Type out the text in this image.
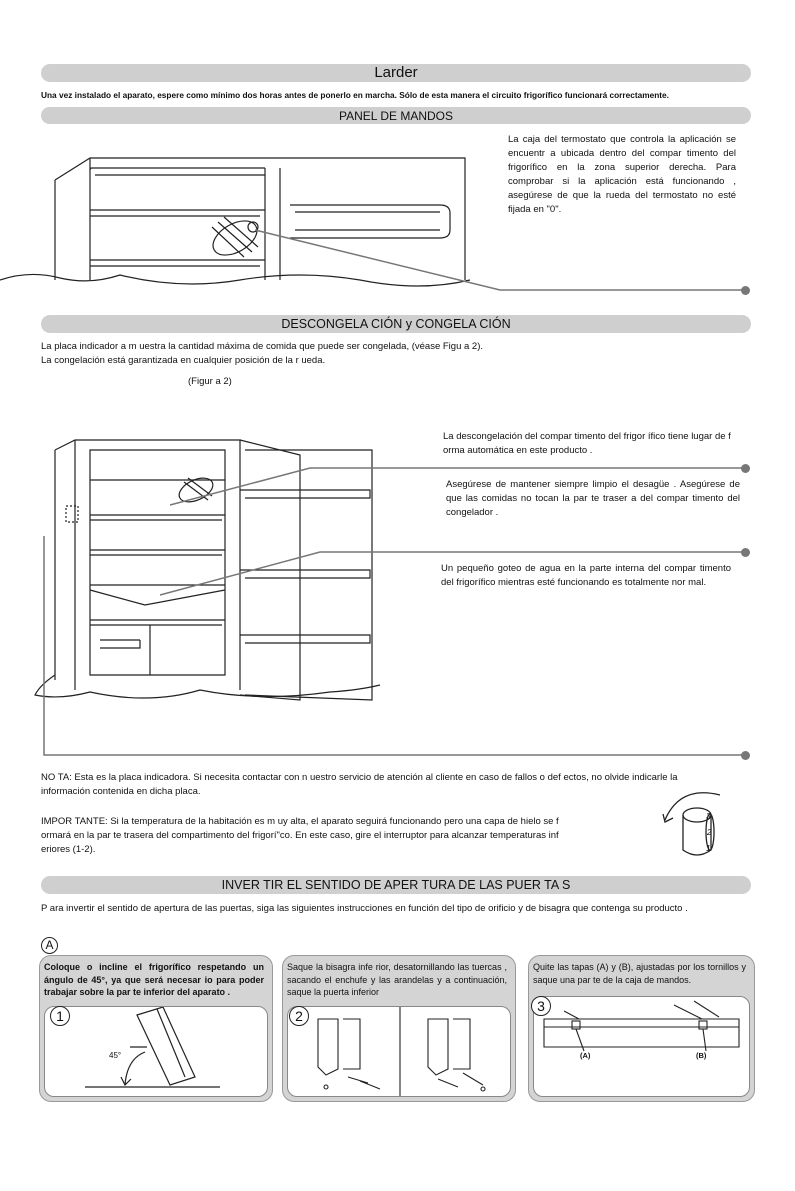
Larder
Una vez instalado el aparato, espere como mínimo dos horas antes de ponerlo en marcha. Sólo de esta manera el circuito frigorífico funcionará correctamente.
PANEL DE MANDOS
La caja del termostato que controla la aplicación se encuentr a ubicada dentro del compar timento del frigorífico en la zona superior derecha. Para comprobar si la aplicación está funcionando , asegúrese de que la rueda del termostato no esté fijada en "0".
DESCONGELA CIÓN y CONGELA CIÓN
La placa indicador a m uestra la cantidad máxima de comida que puede ser congelada, (véase Figu a 2).
La congelación está garantizada en cualquier posición de la r ueda.
(Figur a 2)
La descongelación del compar timento del frigor ífico tiene lugar de f orma automática en este producto .
Asegúrese de mantener siempre limpio el desagüe . Asegúrese de que las comidas no tocan la par te traser a del compar timento del congelador .
Un pequeño goteo de agua en la parte interna del compar timento del frigorífico mientras esté funcionando es totalmente nor mal.
NO TA: Esta es la placa indicadora. Si necesita contactar con n uestro servicio de atención al cliente en caso de fallos o def ectos, no olvide indicarle la información contenida en dicha placa.
IMPOR TANTE: Si la temperatura de la habitación es m uy alta, el aparato seguirá funcionando pero una capa de hielo se f ormará en la par te trasera del compartimento del frigorí"co. En este caso, gire el interruptor para alcanzar temperaturas inf eriores (1-2).
3
2
1
INVER TIR EL SENTIDO DE APER TURA DE LAS PUER TA S
P ara invertir el sentido de apertura de las puertas, siga las siguientes instrucciones en función del tipo de orificio y de bisagra que contenga su producto .
A
Coloque o incline el frigorífico respetando un ángulo de 45°, ya que será necesar io para poder trabajar sobre la par te inferior del aparato .
45°
1
Saque la bisagra infe rior, desatornillando las tuercas , sacando el enchufe y las arandelas y a continuación, saque la puerta inferior
2
Quite las tapas (A) y (B), ajustadas por los tornillos y saque una par te de la caja de mandos.
(A)	(B)
3
